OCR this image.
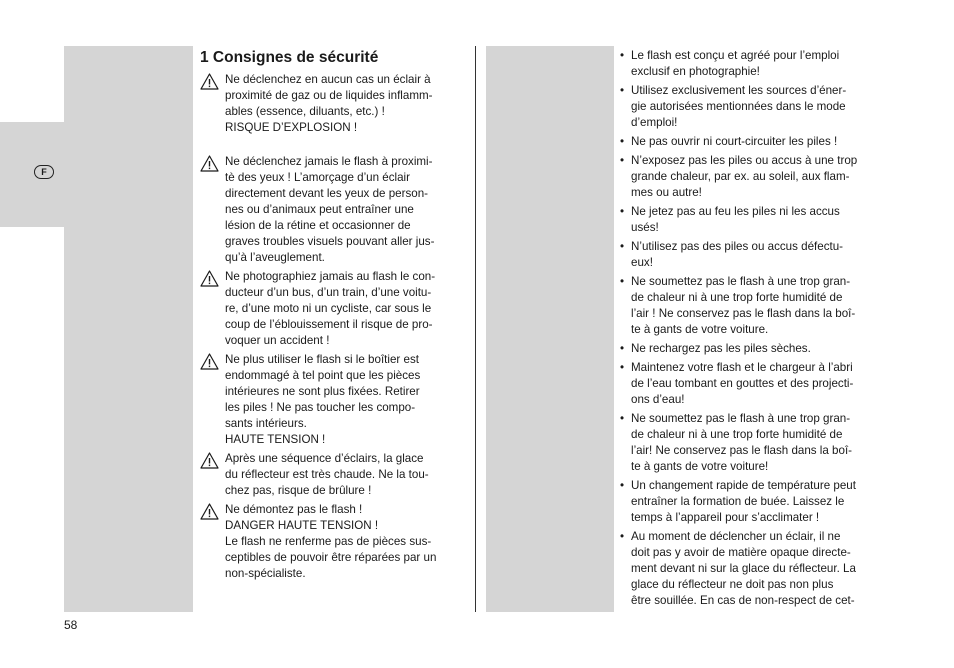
F
1 Consignes de sécurité
Ne déclenchez en aucun cas un éclair à
proximité de gaz ou de liquides inflamm-
ables (essence, diluants, etc.) !
RISQUE D’EXPLOSION !
Ne déclenchez jamais le flash à proximi-
tè des yeux ! L’amorçage d’un éclair
directement devant les yeux de person-
nes ou d’animaux peut entraîner une
lésion de la rétine et occasionner de
graves troubles visuels pouvant aller jus-
qu’à l’aveuglement.
Ne photographiez jamais au flash le con-
ducteur d’un bus, d’un train, d’une voitu-
re, d’une moto ni un cycliste, car sous le
coup de l’éblouissement il risque de pro-
voquer un accident !
Ne plus utiliser le flash si le boîtier est
endommagé à tel point que les pièces
intérieures ne sont plus fixées. Retirer
les piles ! Ne pas toucher les compo-
sants intérieurs.
HAUTE TENSION !
Après une séquence d’éclairs, la glace
du réflecteur est très chaude. Ne la tou-
chez pas, risque de brûlure !
Ne démontez pas le flash !
DANGER HAUTE TENSION !
Le flash ne renferme pas de pièces sus-
ceptibles de pouvoir être réparées par un
non-spécialiste.
• Le flash est conçu et agréé pour l’emploi
exclusif en photographie!
• Utilisez exclusivement les sources d’éner-
gie autorisées mentionnées dans le mode
d’emploi!
• Ne pas ouvrir ni court-circuiter les piles !
• N’exposez pas les piles ou accus à une trop
grande chaleur, par ex. au soleil, aux flam-
mes ou autre!
• Ne jetez pas au feu les piles ni les accus
usés!
• N’utilisez pas des piles ou accus défectu-
eux!
• Ne soumettez pas le flash à une trop gran-
de chaleur ni à une trop forte humidité de
l’air ! Ne conservez pas le flash dans la boî-
te à gants de votre voiture.
• Ne rechargez pas les piles sèches.
• Maintenez votre flash et le chargeur à l’abri
de l’eau tombant en gouttes et des projecti-
ons d’eau!
• Ne soumettez pas le flash à une trop gran-
de chaleur ni à une trop forte humidité de
l’air! Ne conservez pas le flash dans la boî-
te à gants de votre voiture!
• Un changement rapide de température peut
entraîner la formation de buée. Laissez le
temps à l’appareil pour s’acclimater !
• Au moment de déclencher un éclair, il ne
doit pas y avoir de matière opaque directe-
ment devant ni sur la glace du réflecteur. La
glace du réflecteur ne doit pas non plus
être souillée. En cas de non-respect de cet-
58
